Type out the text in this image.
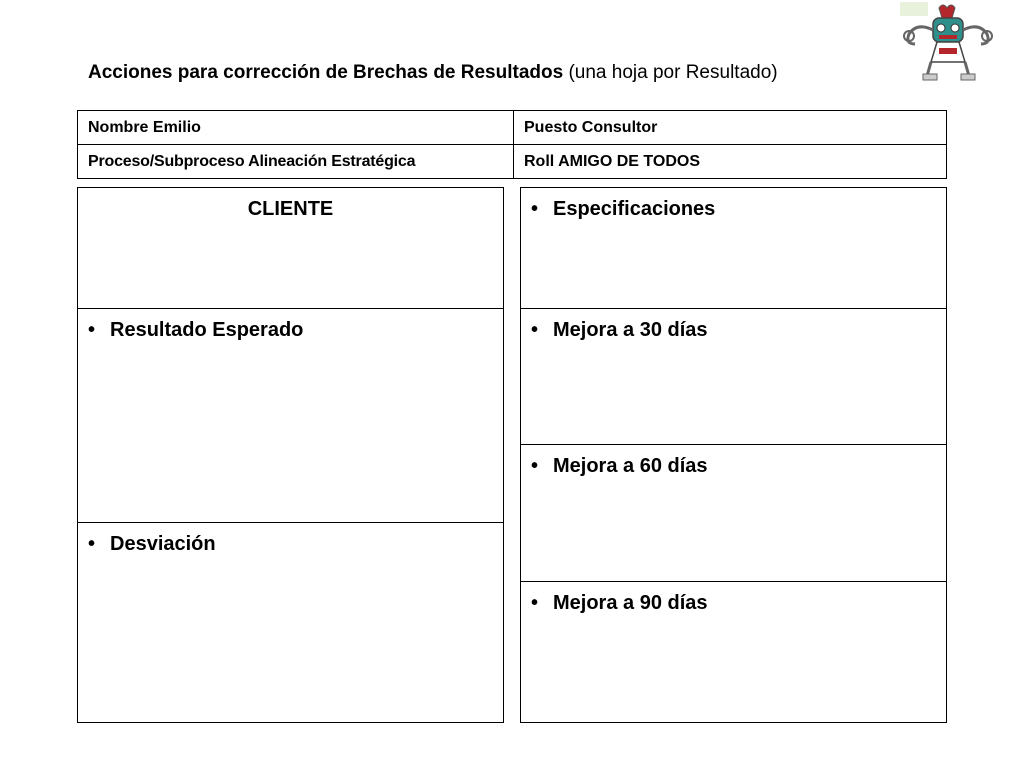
Acciones para corrección de Brechas de Resultados (una hoja por Resultado)
Nombre Emilio	Puesto Consultor
Proceso/Subproceso Alineación Estratégica	Roll AMIGO DE TODOS
CLIENTE
• Resultado Esperado
• Desviación
• Especificaciones
• Mejora a 30 días
• Mejora a 60 días
• Mejora a 90 días
